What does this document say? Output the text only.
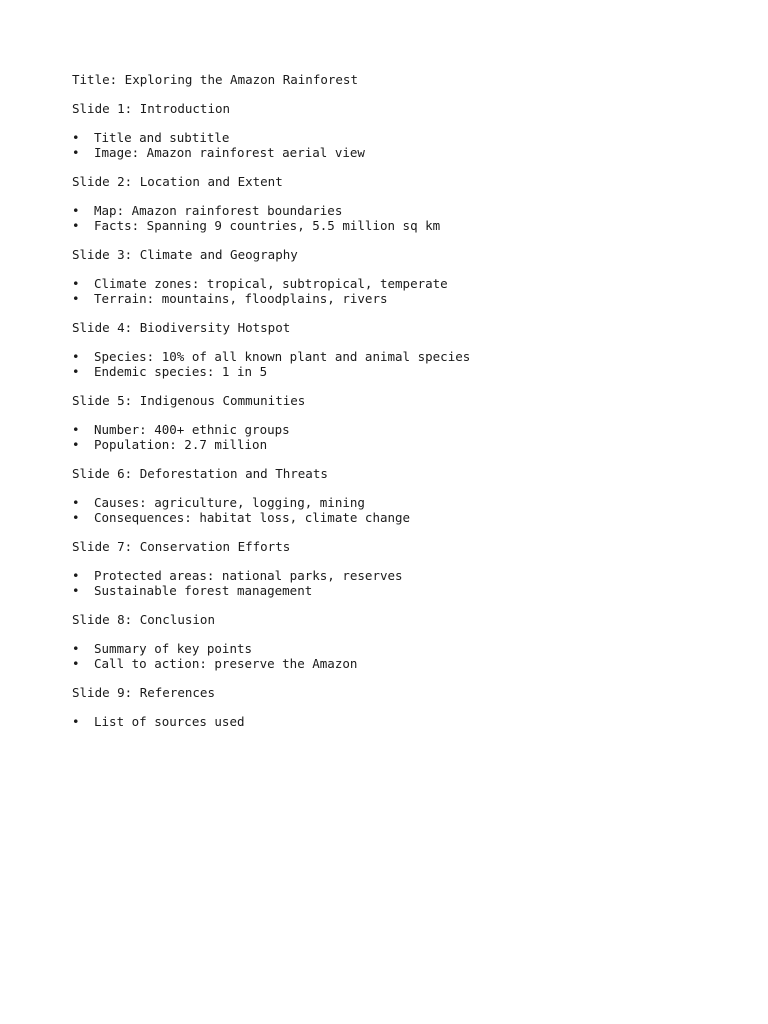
Title: Exploring the Amazon Rainforest
Slide 1: Introduction
• Title and subtitle
• Image: Amazon rainforest aerial view
Slide 2: Location and Extent
• Map: Amazon rainforest boundaries
• Facts: Spanning 9 countries, 5.5 million sq km
Slide 3: Climate and Geography
• Climate zones: tropical, subtropical, temperate
• Terrain: mountains, floodplains, rivers
Slide 4: Biodiversity Hotspot
• Species: 10% of all known plant and animal species
• Endemic species: 1 in 5
Slide 5: Indigenous Communities
• Number: 400+ ethnic groups
• Population: 2.7 million
Slide 6: Deforestation and Threats
• Causes: agriculture, logging, mining
• Consequences: habitat loss, climate change
Slide 7: Conservation Efforts
• Protected areas: national parks, reserves
• Sustainable forest management
Slide 8: Conclusion
• Summary of key points
• Call to action: preserve the Amazon
Slide 9: References
• List of sources used
